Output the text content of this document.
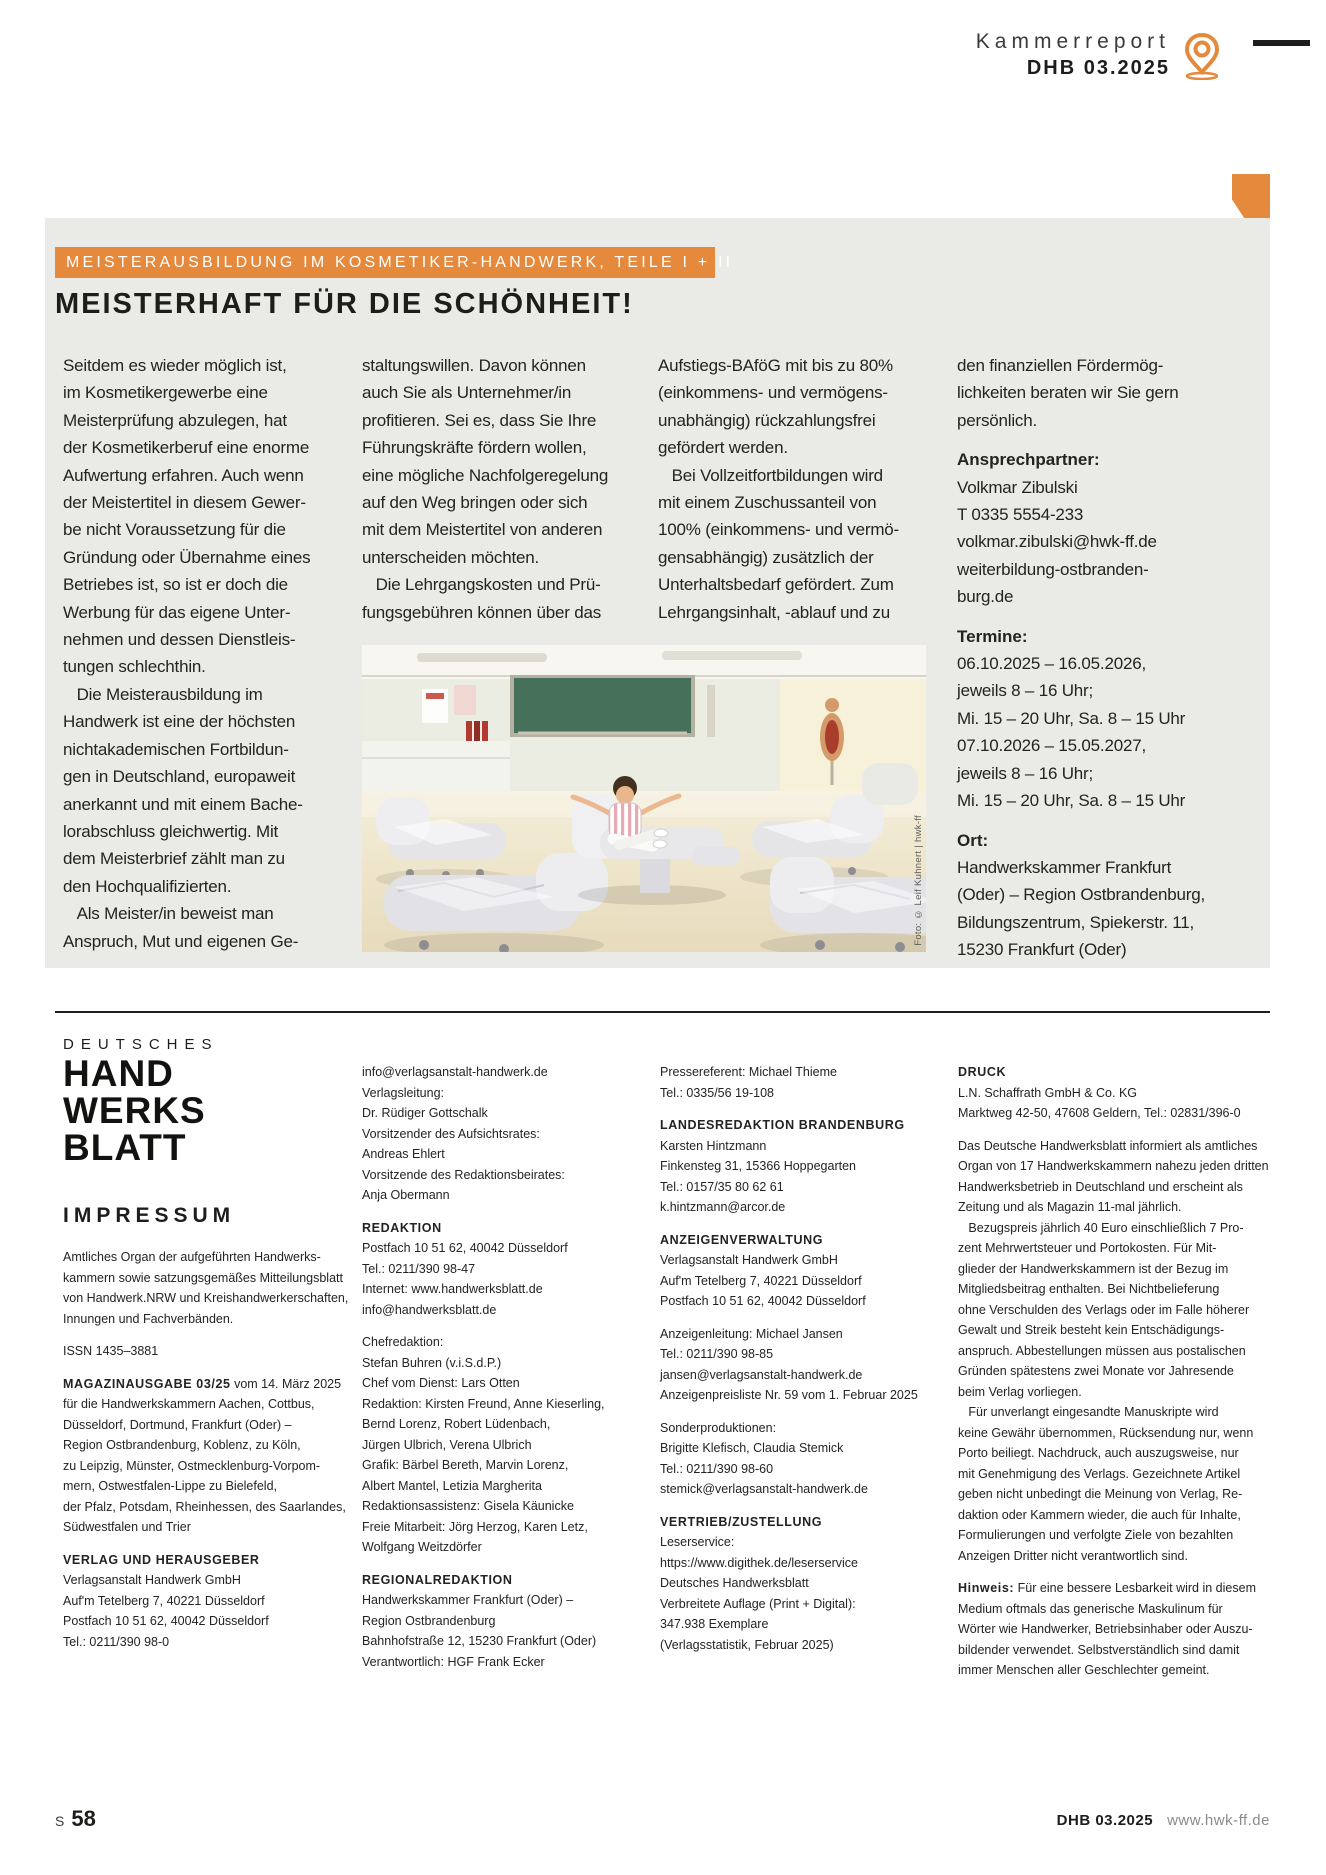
Kammerreport
DHB 03.2025
MEISTERAUSBILDUNG IM KOSMETIKER-HANDWERK, TEILE I + II
MEISTERHAFT FÜR DIE SCHÖNHEIT!
Seitdem es wieder möglich ist,
im Kosmetikergewerbe eine
Meisterprüfung abzulegen, hat
der Kosmetikerberuf eine enorme
Aufwertung erfahren. Auch wenn
der Meistertitel in diesem Gewer-
be nicht Voraussetzung für die
Gründung oder Übernahme eines
Betriebes ist, so ist er doch die
Werbung für das eigene Unter-
nehmen und dessen Dienstleis-
tungen schlechthin.
Die Meisterausbildung im
Handwerk ist eine der höchsten
nichtakademischen Fortbildun-
gen in Deutschland, europaweit
anerkannt und mit einem Bache-
lorabschluss gleichwertig. Mit
dem Meisterbrief zählt man zu
den Hochqualifizierten.
Als Meister/in beweist man
Anspruch, Mut und eigenen Ge-
staltungswillen. Davon können
auch Sie als Unternehmer/in
profitieren. Sei es, dass Sie Ihre
Führungskräfte fördern wollen,
eine mögliche Nachfolgeregelung
auf den Weg bringen oder sich
mit dem Meistertitel von anderen
unterscheiden möchten.
Die Lehrgangskosten und Prü-
fungsgebühren können über das
Aufstiegs-BAföG mit bis zu 80%
(einkommens- und vermögens-
unabhängig) rückzahlungsfrei
gefördert werden.
Bei Vollzeitfortbildungen wird
mit einem Zuschussanteil von
100% (einkommens- und vermö-
gensabhängig) zusätzlich der
Unterhaltsbedarf gefördert. Zum
Lehrgangsinhalt, -ablauf und zu
den finanziellen Fördermög-
lichkeiten beraten wir Sie gern
persönlich.
Ansprechpartner:
Volkmar Zibulski
T 0335 5554-233
volkmar.zibulski@hwk-ff.de
weiterbildung-ostbranden-
burg.de
Termine:
06.10.2025 – 16.05.2026,
jeweils 8 – 16 Uhr;
Mi. 15 – 20 Uhr, Sa. 8 – 15 Uhr
07.10.2026 – 15.05.2027,
jeweils 8 – 16 Uhr;
Mi. 15 – 20 Uhr, Sa. 8 – 15 Uhr
Ort:
Handwerkskammer Frankfurt
(Oder) – Region Ostbrandenburg,
Bildungszentrum, Spiekerstr. 11,
15230 Frankfurt (Oder)
Foto: © Leif Kuhnert | hwk-ff
DEUTSCHES
HAND
WERKS
BLATT
IMPRESSUM
Amtliches Organ der aufgeführten Handwerks-
kammern sowie satzungsgemäßes Mitteilungsblatt
von Handwerk.NRW und Kreishandwerkerschaften,
Innungen und Fachverbänden.
ISSN 1435–3881
MAGAZINAUSGABE 03/25 vom 14. März 2025
für die Handwerkskammern Aachen, Cottbus,
Düsseldorf, Dortmund, Frankfurt (Oder) –
Region Ostbrandenburg, Koblenz, zu Köln,
zu Leipzig, Münster, Ostmecklenburg-Vorpom-
mern, Ostwestfalen-Lippe zu Bielefeld,
der Pfalz, Potsdam, Rheinhessen, des Saarlandes,
Südwestfalen und Trier
VERLAG UND HERAUSGEBER
Verlagsanstalt Handwerk GmbH
Auf'm Tetelberg 7, 40221 Düsseldorf
Postfach 10 51 62, 40042 Düsseldorf
Tel.: 0211/390 98-0
info@verlagsanstalt-handwerk.de
Verlagsleitung:
Dr. Rüdiger Gottschalk
Vorsitzender des Aufsichtsrates:
Andreas Ehlert
Vorsitzende des Redaktionsbeirates:
Anja Obermann
REDAKTION
Postfach 10 51 62, 40042 Düsseldorf
Tel.: 0211/390 98-47
Internet: www.handwerksblatt.de
info@handwerksblatt.de
Chefredaktion:
Stefan Buhren (v.i.S.d.P.)
Chef vom Dienst: Lars Otten
Redaktion: Kirsten Freund, Anne Kieserling,
Bernd Lorenz, Robert Lüdenbach,
Jürgen Ulbrich, Verena Ulbrich
Grafik: Bärbel Bereth, Marvin Lorenz,
Albert Mantel, Letizia Margherita
Redaktionsassistenz: Gisela Käunicke
Freie Mitarbeit: Jörg Herzog, Karen Letz,
Wolfgang Weitzdörfer
REGIONALREDAKTION
Handwerkskammer Frankfurt (Oder) –
Region Ostbrandenburg
Bahnhofstraße 12, 15230 Frankfurt (Oder)
Verantwortlich: HGF Frank Ecker
Pressereferent: Michael Thieme
Tel.: 0335/56 19-108
LANDESREDAKTION BRANDENBURG
Karsten Hintzmann
Finkensteg 31, 15366 Hoppegarten
Tel.: 0157/35 80 62 61
k.hintzmann@arcor.de
ANZEIGENVERWALTUNG
Verlagsanstalt Handwerk GmbH
Auf'm Tetelberg 7, 40221 Düsseldorf
Postfach 10 51 62, 40042 Düsseldorf
Anzeigenleitung: Michael Jansen
Tel.: 0211/390 98-85
jansen@verlagsanstalt-handwerk.de
Anzeigenpreisliste Nr. 59 vom 1. Februar 2025
Sonderproduktionen:
Brigitte Klefisch, Claudia Stemick
Tel.: 0211/390 98-60
stemick@verlagsanstalt-handwerk.de
VERTRIEB/ZUSTELLUNG
Leserservice:
https://www.digithek.de/leserservice
Deutsches Handwerksblatt
Verbreitete Auflage (Print + Digital):
347.938 Exemplare
(Verlagsstatistik, Februar 2025)
DRUCK
L.N. Schaffrath GmbH & Co. KG
Marktweg 42-50, 47608 Geldern, Tel.: 02831/396-0
Das Deutsche Handwerksblatt informiert als amtliches
Organ von 17 Handwerkskammern nahezu jeden dritten
Handwerksbetrieb in Deutschland und erscheint als
Zeitung und als Magazin 11-mal jährlich.
Bezugspreis jährlich 40 Euro einschließlich 7 Pro-
zent Mehrwertsteuer und Portokosten. Für Mit-
glieder der Handwerkskammern ist der Bezug im
Mitgliedsbeitrag enthalten. Bei Nichtbelieferung
ohne Verschulden des Verlags oder im Falle höherer
Gewalt und Streik besteht kein Entschädigungs-
anspruch. Abbestellungen müssen aus postalischen
Gründen spätestens zwei Monate vor Jahresende
beim Verlag vorliegen.
Für unverlangt eingesandte Manuskripte wird
keine Gewähr übernommen, Rücksendung nur, wenn
Porto beiliegt. Nachdruck, auch auszugsweise, nur
mit Genehmigung des Verlags. Gezeichnete Artikel
geben nicht unbedingt die Meinung von Verlag, Re-
daktion oder Kammern wieder, die auch für Inhalte,
Formulierungen und verfolgte Ziele von bezahlten
Anzeigen Dritter nicht verantwortlich sind.
Hinweis: Für eine bessere Lesbarkeit wird in diesem
Medium oftmals das generische Maskulinum für
Wörter wie Handwerker, Betriebsinhaber oder Auszu-
bildender verwendet. Selbstverständlich sind damit
immer Menschen aller Geschlechter gemeint.
S 58	DHB 03.2025 www.hwk-ff.de
